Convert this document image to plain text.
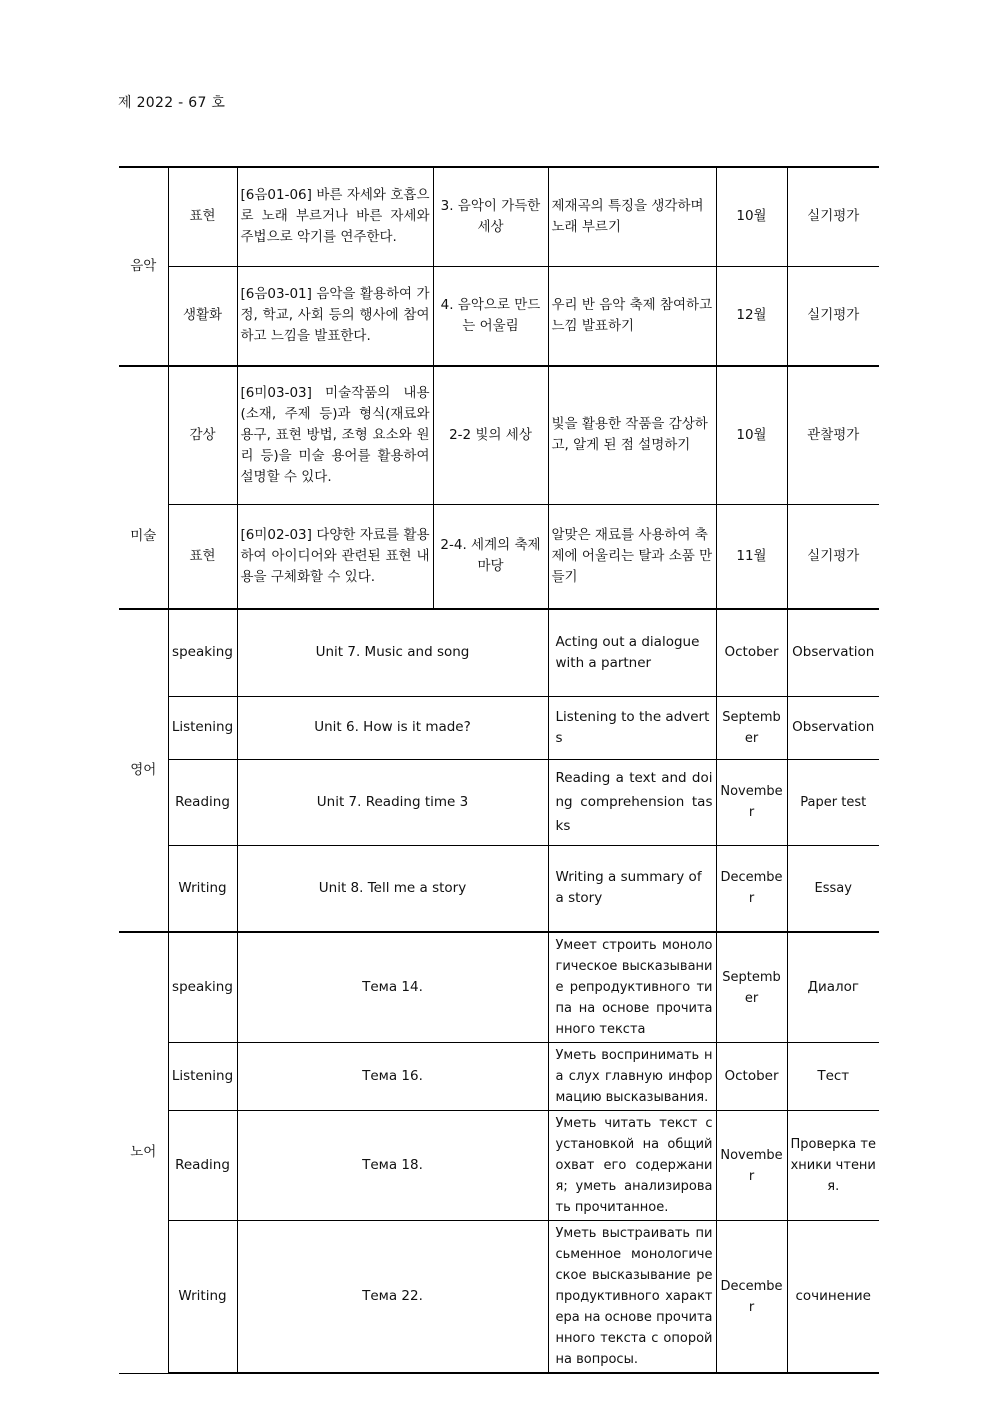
제 2022 - 67 호
음악	표현	[6음01-06] 바른 자세와 호흡으로 노래 부르거나 바른 자세와 주법으로 악기를 연주한다.	3. 음악이 가득한 세상	제재곡의 특징을 생각하며 노래 부르기	10월	실기평가
	생활화	[6음03-01] 음악을 활용하여 가정, 학교, 사회 등의 행사에 참여하고 느낌을 발표한다.	4. 음악으로 만드는 어울림	우리 반 음악 축제 참여하고 느낌 발표하기	12월	실기평가
미술	감상	[6미03-03] 미술작품의 내용(소재, 주제 등)과 형식(재료와 용구, 표현 방법, 조형 요소와 원리 등)을 미술 용어를 활용하여 설명할 수 있다.	2-2 빛의 세상	빛을 활용한 작품을 감상하고, 알게 된 점 설명하기	10월	관찰평가
	표현	[6미02-03] 다양한 자료를 활용하여 아이디어와 관련된 표현 내용을 구체화할 수 있다.	2-4. 세계의 축제 마당	알맞은 재료를 사용하여 축제에 어울리는 탈과 소품 만들기	11월	실기평가
영어	speaking	Unit 7. Music and song		Acting out a dialogue with a partner	October	Observation
	Listening	Unit 6. How is it made?		Listening to the adverts	September	Observation
	Reading	Unit 7. Reading time 3		Reading a text and doing comprehension tasks	November	Paper test
	Writing	Unit 8. Tell me a story		Writing a summary of a story	December	Essay
노어	speaking	Тема 14.		Умеет строить монологическое высказывание репродуктивного типа на основе прочитанного текста	September	Диалог
	Listening	Тема 16.		Уметь воспринимать на слух главную информацию высказывания.	October	Тест
	Reading	Тема 18.		Уметь читать текст с установкой на общий охват его содержания; уметь анализировать прочитанное.	November	Проверка техники чтения.
	Writing	Тема 22.		Уметь выстраивать письменное монологическое высказывание репродуктивного характера на основе прочитанного текста с опорой на вопросы.	December	сочинение
